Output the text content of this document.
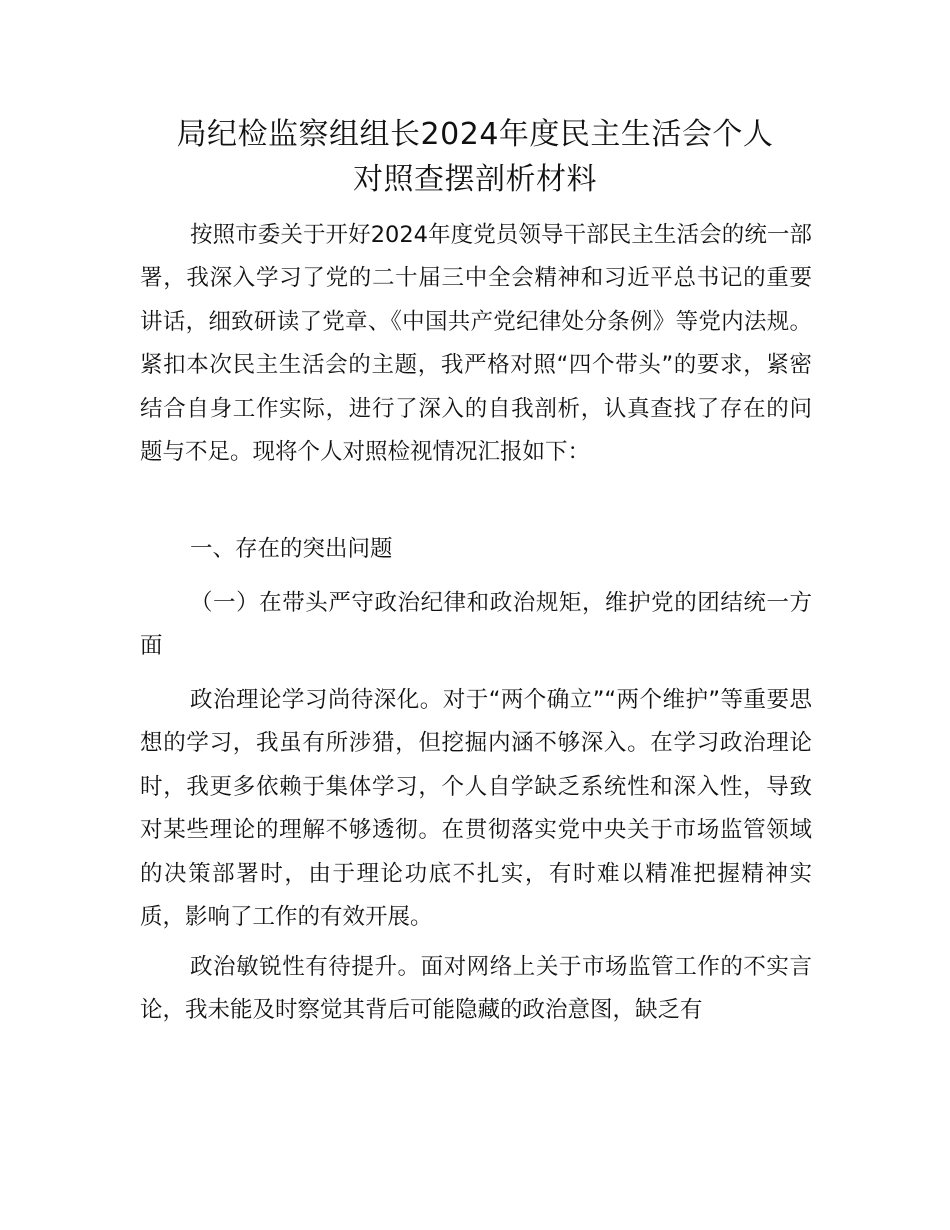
局纪检监察组组长2024年度民主生活会个人
对照查摆剖析材料
按照市委关于开好2024年度党员领导干部民主生活会的统一部署，我深入学习了党的二十届三中全会精神和习近平总书记的重要讲话，细致研读了党章、《中国共产党纪律处分条例》等党内法规。紧扣本次民主生活会的主题，我严格对照“四个带头”的要求，紧密结合自身工作实际，进行了深入的自我剖析，认真查找了存在的问题与不足。现将个人对照检视情况汇报如下：
一、存在的突出问题
（一）在带头严守政治纪律和政治规矩，维护党的团结统一方面
政治理论学习尚待深化。对于“两个确立”“两个维护”等重要思想的学习，我虽有所涉猎，但挖掘内涵不够深入。在学习政治理论时，我更多依赖于集体学习，个人自学缺乏系统性和深入性，导致对某些理论的理解不够透彻。在贯彻落实党中央关于市场监管领域的决策部署时，由于理论功底不扎实，有时难以精准把握精神实质，影响了工作的有效开展。
政治敏锐性有待提升。面对网络上关于市场监管工作的不实言论，我未能及时察觉其背后可能隐藏的政治意图，缺乏有
